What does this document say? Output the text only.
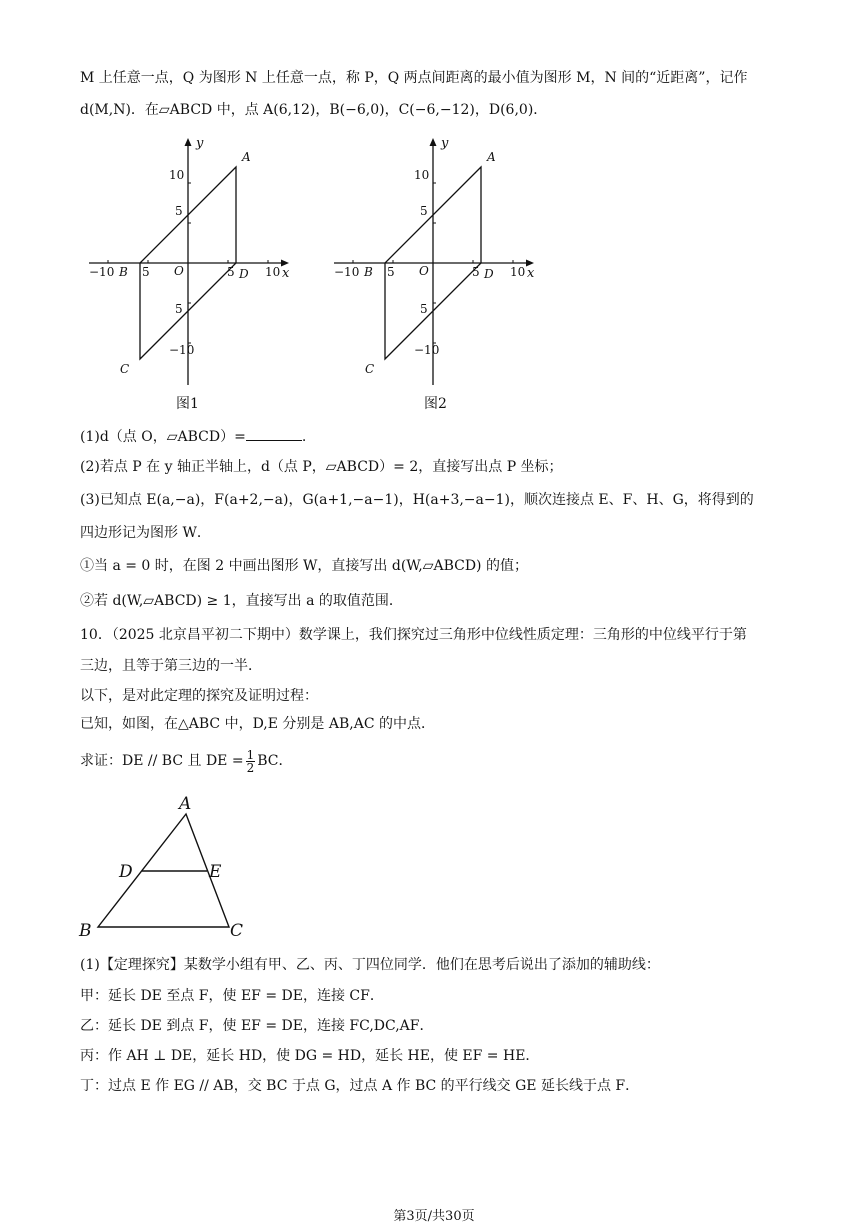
M 上任意一点，Q 为图形 N 上任意一点，称 P，Q 两点间距离的最小值为图形 M，N 间的“近距离”，记作
d(M,N)．在▱ABCD 中，点 A(6,12)，B(−6,0)，C(−6,−12)，D(6,0)．
y
x
O
−10 5	5	10
10
5
5
−10
A
B
C
D
图1
y
x
O
−10 5	5	10
10
5
5
−10
A
B
C
D
图2
(1)d（点 O，▱ABCD）=	.
(2)若点 P 在 y 轴正半轴上，d（点 P，▱ABCD）= 2，直接写出点 P 坐标；
(3)已知点 E(a,−a)，F(a+2,−a)，G(a+1,−a−1)，H(a+3,−a−1)，顺次连接点 E、F、H、G，将得到的
四边形记为图形 W．
①当 a = 0 时，在图 2 中画出图形 W，直接写出 d(W,▱ABCD) 的值；
②若 d(W,▱ABCD) ≥ 1，直接写出 a 的取值范围．
10．（2025 北京昌平初二下期中）数学课上，我们探究过三角形中位线性质定理：三角形的中位线平行于第
三边，且等于第三边的一半．
以下，是对此定理的探究及证明过程：
已知，如图，在△ABC 中，D,E 分别是 AB,AC 的中点．
求证：DE // BC 且 DE = $\frac{1}{2}$ BC．
A
B	C
D	E
(1)【定理探究】某数学小组有甲、乙、丙、丁四位同学．他们在思考后说出了添加的辅助线：
甲：延长 DE 至点 F，使 EF = DE，连接 CF．
乙：延长 DE 到点 F，使 EF = DE，连接 FC,DC,AF．
丙：作 AH ⊥ DE，延长 HD，使 DG = HD，延长 HE，使 EF = HE．
丁：过点 E 作 EG // AB，交 BC 于点 G，过点 A 作 BC 的平行线交 GE 延长线于点 F．
第3页/共30页
